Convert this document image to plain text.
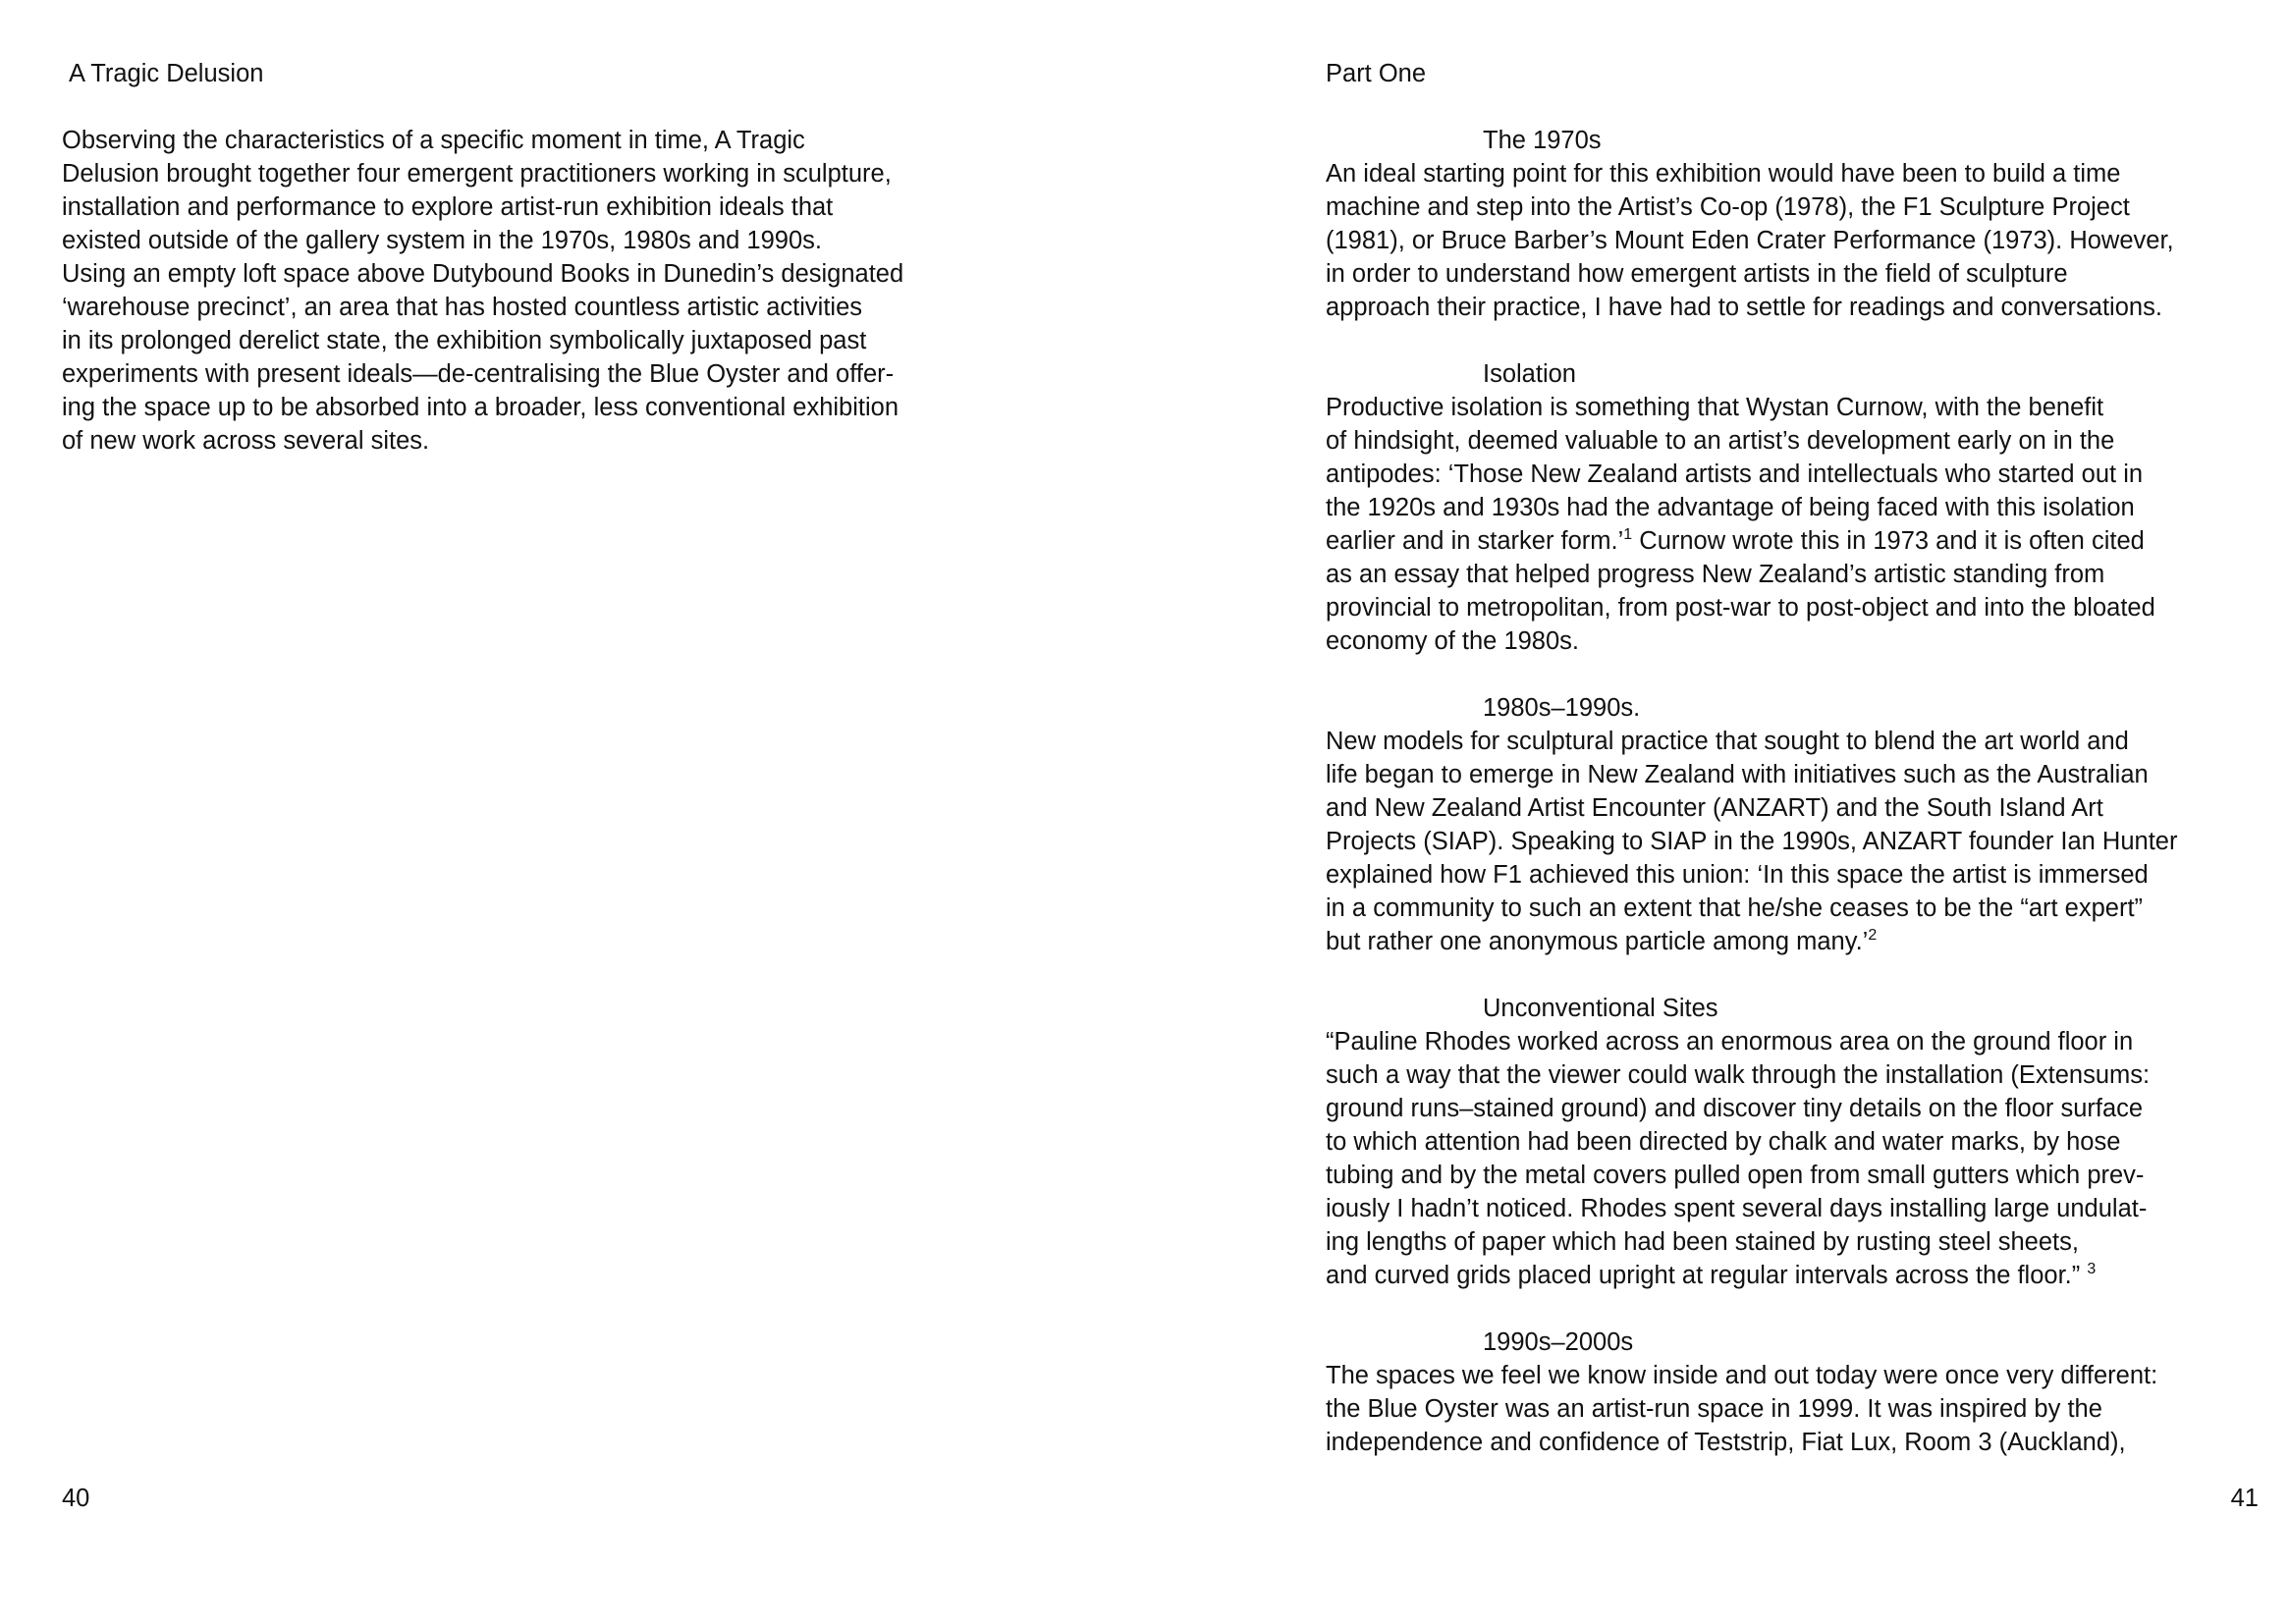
A Tragic Delusion

Observing the characteristics of a specific moment in time, A Tragic
Delusion brought together four emergent practitioners working in sculpture,
installation and performance to explore artist-run exhibition ideals that
existed outside of the gallery system in the 1970s, 1980s and 1990s.
Using an empty loft space above Dutybound Books in Dunedin’s designated
‘warehouse precinct’, an area that has hosted countless artistic activities
in its prolonged derelict state, the exhibition symbolically juxtaposed past
experiments with present ideals—de-centralising the Blue Oyster and offer-
ing the space up to be absorbed into a broader, less conventional exhibition
of new work across several sites.

40
Part One
The 1970s

An ideal starting point for this exhibition would have been to build a time
machine and step into the Artist’s Co-op (1978), the F1 Sculpture Project
(1981), or Bruce Barber’s Mount Eden Crater Performance (1973). However,
in order to understand how emergent artists in the field of sculpture
approach their practice, I have had to settle for readings and conversations.

Isolation

Productive isolation is something that Wystan Curnow, with the benefit
of hindsight, deemed valuable to an artist’s development early on in the
antipodes: ‘Those New Zealand artists and intellectuals who started out in
the 1920s and 1930s had the advantage of being faced with this isolation
earlier and in starker form.’$^1$ Curnow wrote this in 1973 and it is often cited
as an essay that helped progress New Zealand’s artistic standing from
provincial to metropolitan, from post-war to post-object and into the bloated
economy of the 1980s.

1980s–1990s.

New models for sculptural practice that sought to blend the art world and
life began to emerge in New Zealand with initiatives such as the Australian
and New Zealand Artist Encounter (ANZART) and the South Island Art
Projects (SIAP). Speaking to SIAP in the 1990s, ANZART founder Ian Hunter
explained how F1 achieved this union: ‘In this space the artist is immersed
in a community to such an extent that he/she ceases to be the “art expert”
but rather one anonymous particle among many.’$^2$

Unconventional Sites

“Pauline Rhodes worked across an enormous area on the ground floor in
such a way that the viewer could walk through the installation (Extensums:
ground runs–stained ground) and discover tiny details on the floor surface
to which attention had been directed by chalk and water marks, by hose
tubing and by the metal covers pulled open from small gutters which prev-
iously I hadn’t noticed. Rhodes spent several days installing large undulat-
ing lengths of paper which had been stained by rusting steel sheets,
and curved grids placed upright at regular intervals across the floor.” $^3$

1990s–2000s

The spaces we feel we know inside and out today were once very different:
the Blue Oyster was an artist-run space in 1999. It was inspired by the
independence and confidence of Teststrip, Fiat Lux, Room 3 (Auckland),

41
